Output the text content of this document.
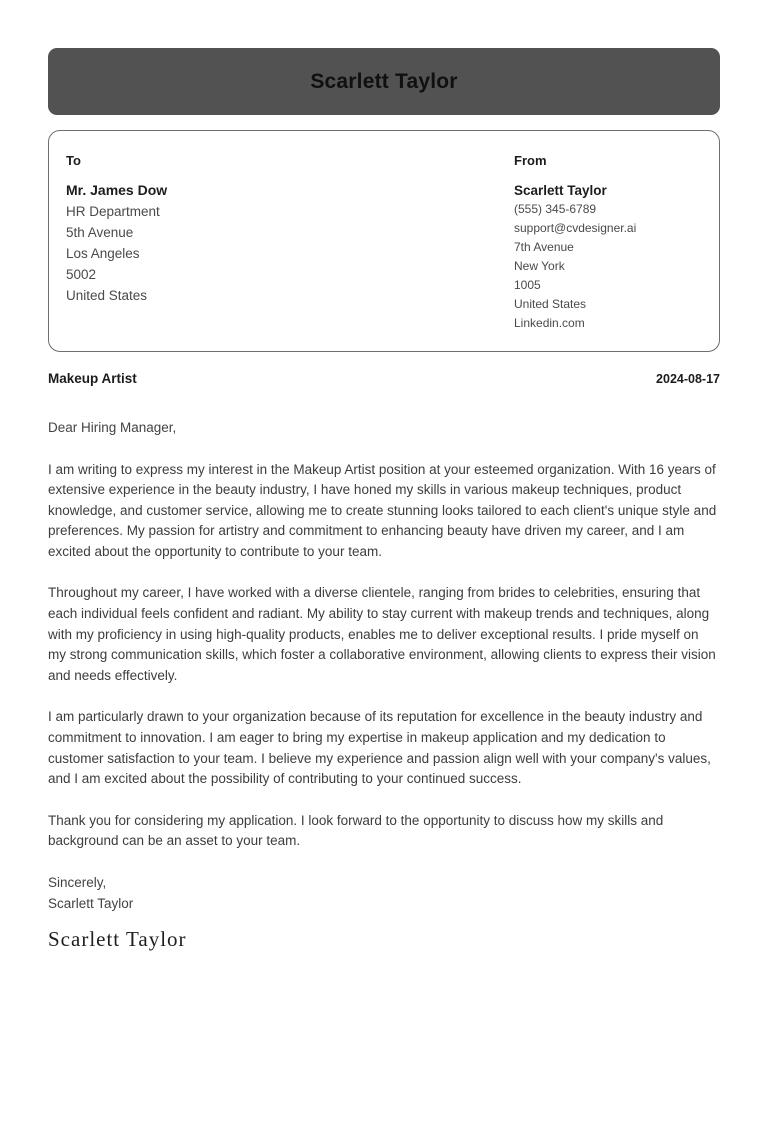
Scarlett Taylor
To
Mr. James Dow
HR Department
5th Avenue
Los Angeles
5002
United States
From
Scarlett Taylor
(555) 345-6789
support@cvdesigner.ai
7th Avenue
New York
1005
United States
Linkedin.com
Makeup Artist	2024-08-17
Dear Hiring Manager,
I am writing to express my interest in the Makeup Artist position at your esteemed organization. With 16 years of extensive experience in the beauty industry, I have honed my skills in various makeup techniques, product knowledge, and customer service, allowing me to create stunning looks tailored to each client's unique style and preferences. My passion for artistry and commitment to enhancing beauty have driven my career, and I am excited about the opportunity to contribute to your team.
Throughout my career, I have worked with a diverse clientele, ranging from brides to celebrities, ensuring that each individual feels confident and radiant. My ability to stay current with makeup trends and techniques, along with my proficiency in using high-quality products, enables me to deliver exceptional results. I pride myself on my strong communication skills, which foster a collaborative environment, allowing clients to express their vision and needs effectively.
I am particularly drawn to your organization because of its reputation for excellence in the beauty industry and commitment to innovation. I am eager to bring my expertise in makeup application and my dedication to customer satisfaction to your team. I believe my experience and passion align well with your company's values, and I am excited about the possibility of contributing to your continued success.
Thank you for considering my application. I look forward to the opportunity to discuss how my skills and background can be an asset to your team.
Sincerely,
Scarlett Taylor
Scarlett Taylor
